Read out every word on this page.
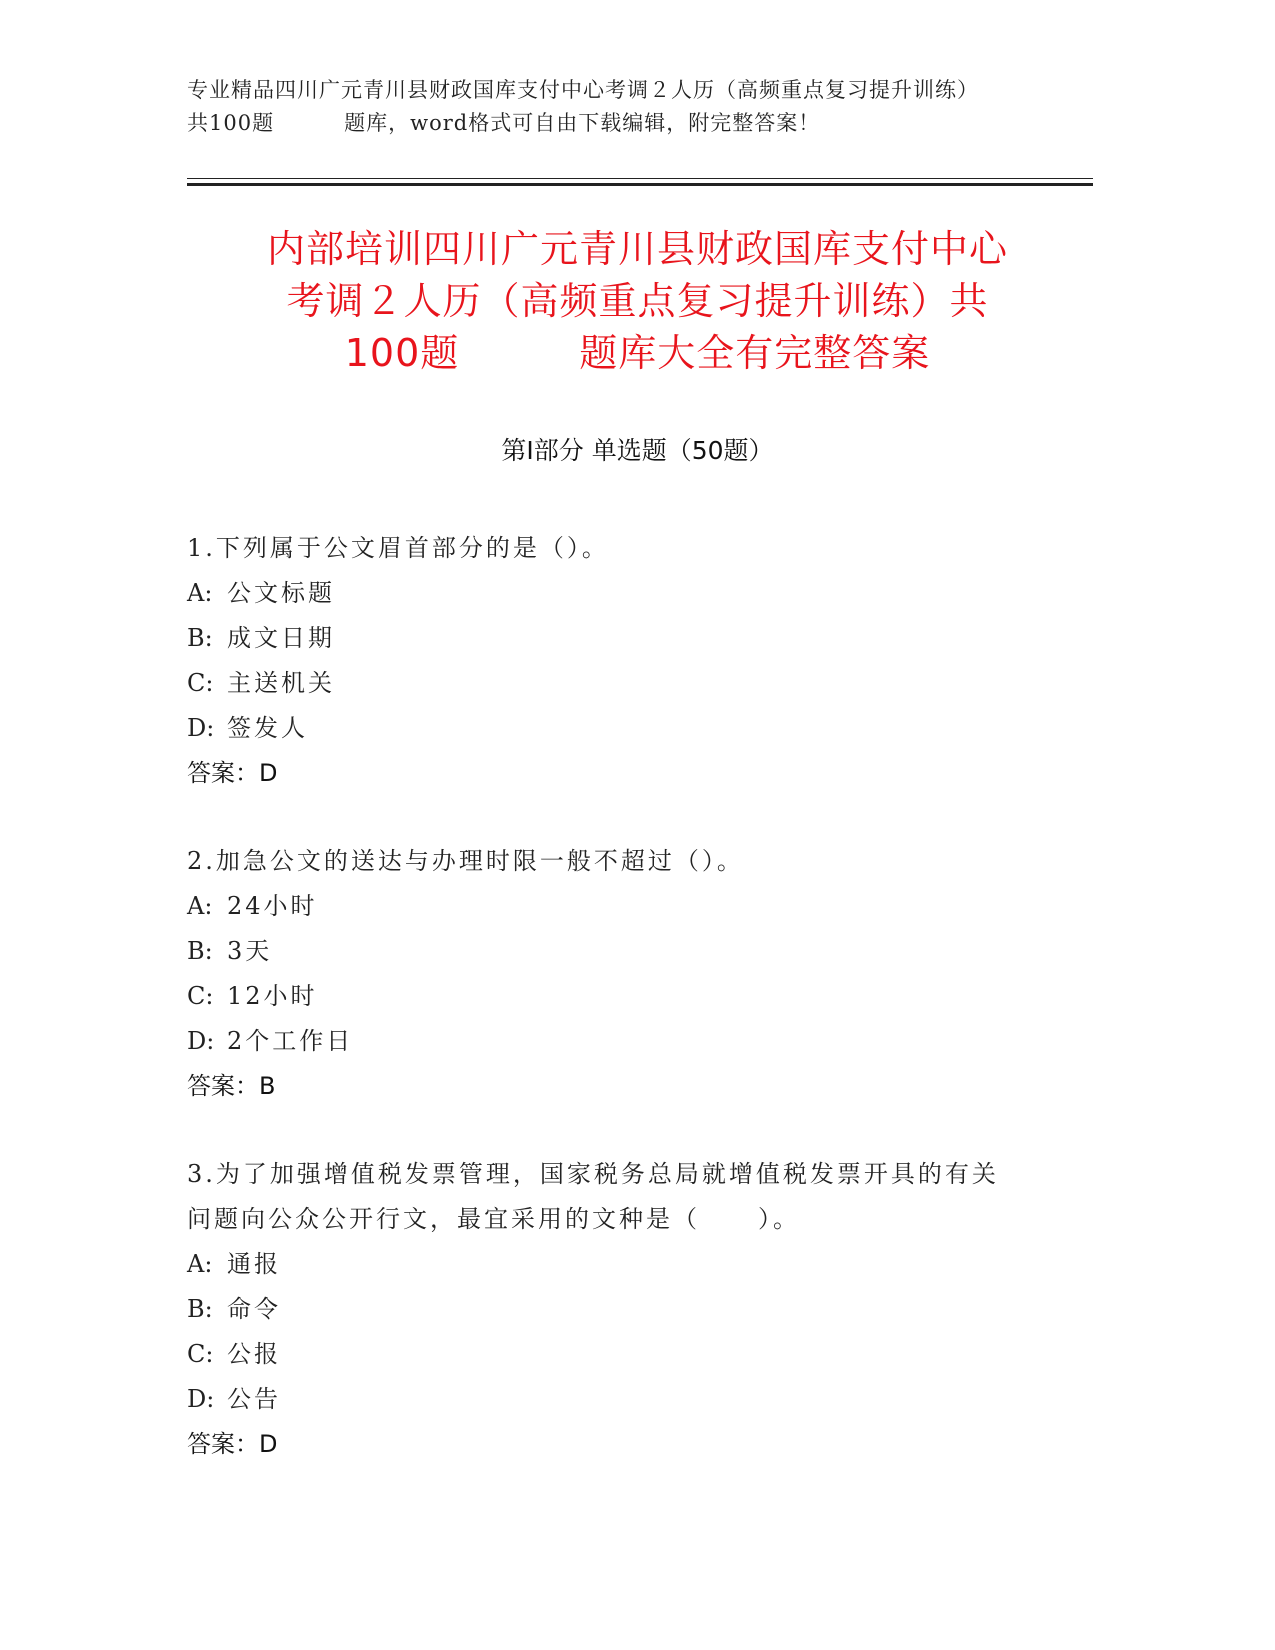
专业精品四川广元青川县财政国库支付中心考调２人历（高频重点复习提升训练）
共100题	题库，word格式可自由下载编辑，附完整答案！
内部培训四川广元青川县财政国库支付中心
考调２人历（高频重点复习提升训练）共
100题	题库大全有完整答案
第Ⅰ部分 单选题（50题）
1.下列属于公文眉首部分的是（）。
A: 公文标题
B: 成文日期
C: 主送机关
D: 签发人
答案：D
2.加急公文的送达与办理时限一般不超过（）。
A: 24小时
B: 3天
C: 12小时
D: 2个工作日
答案：B
3.为了加强增值税发票管理，国家税务总局就增值税发票开具的有关
问题向公众公开行文，最宜采用的文种是（ ）。
A: 通报
B: 命令
C: 公报
D: 公告
答案：D
